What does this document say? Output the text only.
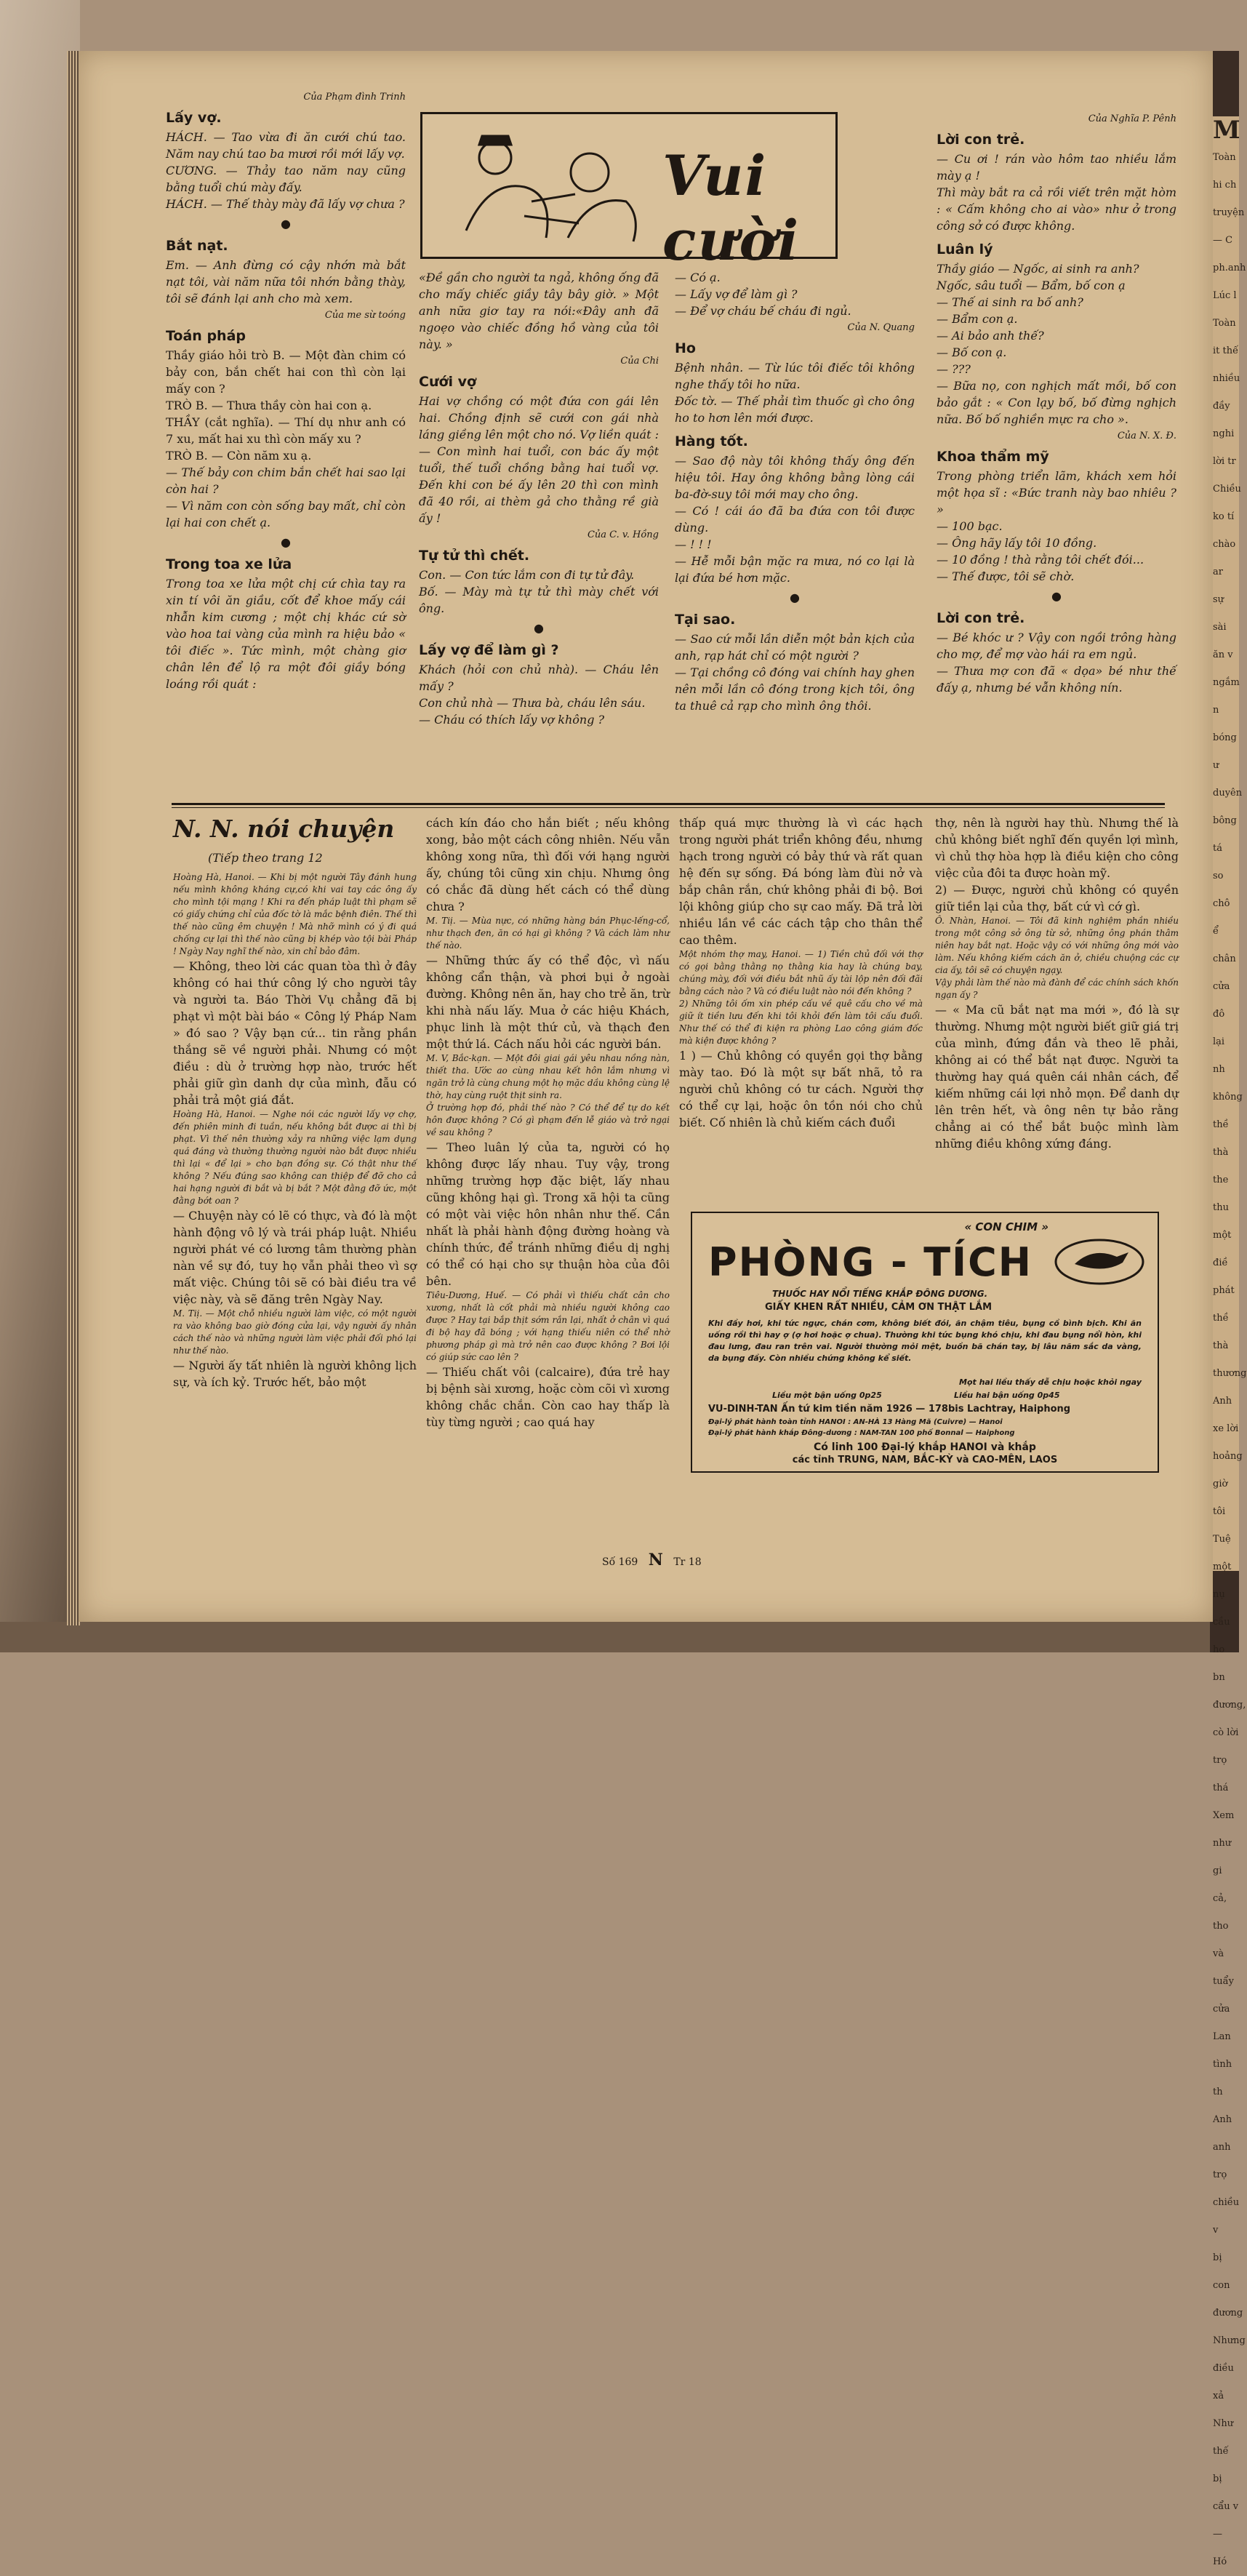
Của Phạm đình Trinh

Lấy vợ.

HÁCH. — Tao vừa đi ăn cưới chú tao. Năm nay chú tao ba mươi rồi mới lấy vợ.

CƯƠNG. — Thảy tao năm nay cũng bằng tuổi chú mày đấy.

HÁCH. — Thế thày mày đã lấy vợ chưa ?

●

Bắt nạt.

Em. — Anh đừng có cậy nhớn mà bắt nạt tôi, vài năm nữa tôi nhớn bằng thày, tôi sẽ đánh lại anh cho mà xem.

Của me sừ toóng

Toán pháp

Thầy giáo hỏi trò B. — Một đàn chim có bảy con, bắn chết hai con thì còn lại mấy con ?

TRÒ B. — Thưa thầy còn hai con ạ.

THẦY (cắt nghĩa). — Thí dụ như anh có 7 xu, mất hai xu thì còn mấy xu ?

TRÒ B. — Còn năm xu ạ.

— Thế bảy con chim bắn chết hai sao lại còn hai ?

— Vì năm con còn sống bay mất, chỉ còn lại hai con chết ạ.

●

Trong toa xe lửa

Trong toa xe lửa một chị cứ chìa tay ra xin tí vôi ăn giầu, cốt để khoe mấy cái nhẫn kim cương ; một chị khác cứ sờ vào hoa tai vàng của mình ra hiệu bảo « tôi điếc ». Tức mình, một chàng giơ chân lên để lộ ra một đôi giầy bóng loáng rồi quát :

Vui cười

«Đề gần cho người ta ngả, không ống đã cho mấy chiếc giầy tây bây giờ. » Một anh nữa giơ tay ra nói:«Đây anh đã ngoẹo vào chiếc đồng hồ vàng của tôi này. »

Của Chi

Cưới vợ

Hai vợ chồng có một đứa con gái lên hai. Chồng định sẽ cưới con gái nhà láng giềng lên một cho nó. Vợ liền quát :

— Con mình hai tuổi, con bác ấy một tuổi, thế tuổi chồng bằng hai tuổi vợ. Đến khi con bé ấy lên 20 thì con mình đã 40 rồi, ai thèm gả cho thằng rề già ấy !

Của C. v. Hồng

Tự tử thì chết.

Con. — Con tức lắm con đi tự tử đây.

Bố. — Mày mà tự tử thì mày chết với ông.

●

Lấy vợ để làm gì ?

Khách (hỏi con chủ nhà). — Cháu lên mấy ?

Con chủ nhà — Thưa bà, cháu lên sáu.

— Cháu có thích lấy vợ không ?

— Có ạ.

— Lấy vợ để làm gì ?

— Để vợ cháu bế cháu đi ngủ.

Của N. Quang

Ho

Bệnh nhân. — Từ lúc tôi điếc tôi không nghe thấy tôi ho nữa.

Đốc tờ. — Thế phải tìm thuốc gì cho ông ho to hơn lên mới được.

Hàng tốt.

— Sao độ này tôi không thấy ông đến hiệu tôi. Hay ông không bằng lòng cái ba-đờ-suy tôi mới may cho ông.

— Có ! cái áo đã ba đứa con tôi được dùng.

— ! ! !

— Hễ mỗi bận mặc ra mưa, nó co lại là lại đứa bé hơn mặc.

●

Tại sao.

— Sao cứ mỗi lần diễn một bản kịch của anh, rạp hát chỉ có một người ?

— Tại chồng cô đóng vai chính hay ghen nên mỗi lần cô đóng trong kịch tôi, ông ta thuê cả rạp cho mình ông thôi.

Của Nghĩa P. Pênh

Lời con trẻ.

— Cu ơi ! rán vào hôm tao nhiều lắm mày ạ !

Thì mày bắt ra cả rồi viết trên mặt hòm : « Cấm không cho ai vào» như ở trong công sở có được không.

Luân lý

Thầy giáo — Ngốc, ai sinh ra anh?

Ngốc, sâu tuổi — Bẩm, bố con ạ

— Thế ai sinh ra bố anh?

— Bẩm con ạ.

— Ai bảo anh thế?

— Bố con ạ.

— ???

— Bữa nọ, con nghịch mất mồi, bố con bảo gắt : « Con lạy bố, bố đừng nghịch nữa. Bố bố nghiền mực ra cho ».

Của N. X. Đ.

Khoa thẩm mỹ

Trong phòng triển lãm, khách xem hỏi một họa sĩ : «Bức tranh này bao nhiêu ? »

— 100 bạc.

— Ông hãy lấy tôi 10 đồng.

— 10 đồng ! thà rằng tôi chết đói...

— Thế được, tôi sẽ chờ.

●

Lời con trẻ.

— Bé khóc ư ? Vậy con ngồi trông hàng cho mợ, để mợ vào hái ra em ngủ.

— Thưa mợ con đã « dọa» bé như thế đấy ạ, nhưng bé vẫn không nín.

N. N. nói chuyện
(Tiếp theo trang 12

Hoàng Hà, Hanoi. — Khi bị một người Tây đánh hung nếu mình không kháng cự,có khi vai tay các ông ấy cho mình tội mạng ! Khi ra đến pháp luật thì phạm sẽ có giấy chứng chỉ của đốc tờ là mắc bệnh điên. Thế thì thế nào cũng êm chuyện ! Mà nhỡ mình có ý đi quá chống cự lại thì thế nào cũng bị khép vào tội bài Pháp ! Ngày Nay nghĩ thế nào, xin chỉ bảo đâm.

— Không, theo lời các quan tòa thì ở đây không có hai thứ công lý cho người tây và người ta. Báo Thời Vụ chẳng đã bị phạt vì một bài báo « Công lý Pháp Nam » đó sao ? Vậy bạn cứ... tin rằng phần thắng sẽ về người phải. Nhưng có một điều : dù ở trường hợp nào, trước hết phải giữ gìn danh dự của mình, đẫu có phải trả một giá đắt.

Hoàng Hà, Hanoi. — Nghe nói các người lấy vợ chợ, đến phiên minh đi tuần, nếu không bắt được ai thì bị phạt. Vì thế nên thường xảy ra những việc lạm dụng quá đáng và thường thường người nào bắt được nhiều thì lại « để lại » cho bạn đồng sự. Có thật như thế không ? Nếu đúng sao không can thiệp để đỡ cho cả hai hạng người đi bắt và bị bắt ? Một đằng đỡ ức, một đằng bớt oan ?

— Chuyện này có lẽ có thực, và đó là một hành động vô lý và trái pháp luật. Nhiều người phát vé có lương tâm thường phàn nàn về sự đó, tuy họ vẫn phải theo vì sợ mất việc. Chúng tôi sẽ có bài điều tra về việc này, và sẽ đăng trên Ngày Nay.

M. Tiị. — Một chỗ nhiều người làm việc, có một người ra vào không bao giờ đóng cửa lại, vậy người ấy nhân cách thế nào và những người làm việc phải đối phó lại như thế nào.

— Người ấy tất nhiên là người không lịch sự, và ích kỷ. Trước hết, bảo một

cách kín đáo cho hắn biết ; nếu không xong, bảo một cách công nhiên. Nếu vẫn không xong nữa, thì đối với hạng người ấy, chúng tôi cũng xin chịu. Nhưng ông có chắc đã dùng hết cách có thể dùng chưa ?

M. Tiị. — Mùa nực, có những hàng bán Phục-lếng-cổ, như thạch đen, ăn có hại gì không ? Và cách làm như thế nào.

— Những thức ấy có thể độc, vì nấu không cẩn thận, và phơi bụi ở ngoài đường. Không nên ăn, hay cho trẻ ăn, trừ khi nhà nấu lấy. Mua ở các hiệu Khách, phục linh là một thứ củ, và thạch đen một thứ lá. Cách nấu hỏi các người bán.

M. V, Bắc-kạn. — Một đôi giai gái yêu nhau nồng nàn, thiết tha. Ước ao cùng nhau kết hôn lắm nhưng vì ngăn trở là cùng chung một họ mặc dầu không cùng lệ thờ, hay cùng ruột thịt sinh ra.

Ở trường hợp đó, phải thế nào ? Có thể để tự do kết hôn được không ? Có gì phạm đến lễ giáo và trở ngại về sau không ?

— Theo luân lý của ta, người có họ không được lấy nhau. Tuy vậy, trong những trường hợp đặc biệt, lấy nhau cũng không hại gì. Trong xã hội ta cũng có một vài việc hôn nhân như thế. Cần nhất là phải hành động đường hoàng và chính thức, để tránh những điều dị nghị có thể có hại cho sự thuận hòa của đôi bên.

Tiêu-Dương, Huế. — Có phải vì thiếu chất cân cho xương, nhất là cốt phải mà nhiều người không cao được ? Hay tại bắp thịt sớm rắn lại, nhất ở chân vì quá đi bộ hay đã bóng ; với hạng thiếu niên có thể nhờ phương pháp gì mà trở nên cao được không ? Bơi lội có giúp sức cao lên ?

— Thiếu chất vôi (calcaire), đứa trẻ hay bị bệnh sài xương, hoặc còm cõi vì xương không chắc chắn. Còn cao hay thấp là tùy từng người ; cao quá hay

thấp quá mực thường là vì các hạch trong người phát triển không đều, nhưng hạch trong người có bảy thứ và rất quan hệ đến sự sống. Đá bóng làm đùi nở và bắp chân rắn, chứ không phải đi bộ. Bơi lội không giúp cho sự cao mấy. Đã trả lời nhiều lần về các cách tập cho thân thể cao thêm.

Một nhóm thợ may, Hanoi. — 1) Tiền chủ đối với thợ có gọi bằng thằng nọ thằng kia hay là chúng bay, chúng mày, đối với điều bắt nhũ ấy tài lộp nên đối đãi bằng cách nào ? Và có điều luật nào nói đến không ?

2) Những tôi ốm xin phép cấu về quê cấu cho về mà giữ ít tiền lưu đến khi tôi khỏi đến làm tôi cấu đuổi. Như thế có thể đi kiện ra phòng Lao công giám đốc mà kiện được không ?

1 ) — Chủ không có quyền gọi thợ bằng mày tao. Đó là một sự bất nhã, tỏ ra người chủ không có tư cách. Người thợ có thể cự lại, hoặc ôn tồn nói cho chủ biết. Cố nhiên là chủ kiếm cách đuổi

thợ, nên là người hay thù. Nhưng thế là chủ không biết nghĩ đến quyền lợi mình, vì chủ thợ hòa hợp là điều kiện cho công việc của đôi ta được hoàn mỹ.

2) — Được, người chủ không có quyền giữ tiền lại của thợ, bất cứ vì cớ gì.

Ô. Nhàn, Hanoi. — Tôi đã kinh nghiệm phần nhiều trong một công sở ông từ sở, những ông phán thâm niên hay bắt nạt. Hoặc vậy có với những ông mới vào làm. Nếu không kiếm cách ăn ở, chiều chuộng các cự cia ấy, tôi sẽ có chuyện ngạy.

Vậy phải làm thế nào mà đành để các chính sách khốn ngạn ấy ?

— « Ma cũ bắt nạt ma mới », đó là sự thường. Nhưng một người biết giữ giá trị của mình, đứng đắn và theo lẽ phải, không ai có thể bắt nạt được. Người ta thường hay quá quên cái nhân cách, để kiếm những cái lợi nhỏ mọn. Để danh dự lên trên hết, và ông nên tự bảo rằng chẳng ai có thể bắt buộc mình làm những điều không xứng đáng.

« CON CHIM »
PHÒNG - TÍCH
THUỐC HAY NỔI TIẾNG KHẮP ĐÔNG DƯƠNG.
GIẤY KHEN RẤT NHIỀU, CẢM ƠN THẬT LẮM
Khi đầy hơi, khi tức ngực, chán cơm, không biết đói, ăn chậm tiêu, bụng cồ bình bịch. Khi ăn uống rồi thì hay ợ (ợ hơi hoặc ợ chua). Thường khi tức bụng khó chịu, khi đau bụng nổi hòn, khi đau lưng, đau ran trên vai. Người thường mỏi mệt, buồn bã chán tay, bị lâu năm sắc da vàng, da bụng đầy. Còn nhiều chứng không kể siết.
Mọt hai liều thấy dễ chịu hoặc khỏi ngay
Liều một bận uống 0p25	Liều hai bận uống 0p45
VU-DINH-TAN Ấn tứ kim tiền năm 1926 — 178bis Lachtray, Haiphong
Đại-lý phát hành toàn tỉnh HANOI : AN-HÀ 13 Hàng Mã (Cuivre) — Hanoi
Đại-lý phát hành khắp Đông-dương : NAM-TAN 100 phố Bonnal — Haiphong
Có linh 100 Đại-lý khắp HANOI và khắp
các tỉnh TRUNG, NAM, BẮC-KỲ và CAO-MÊN, LAOS
Số 169 N Tr 18
M
Toàn
hi ch
truyện
— C
ph.anh
Lúc l
Toàn
it thế
nhiều đầy
nghi
lời tr
Chiều
ko tí
chào ar
sự sài
ăn v
ngắm n
bóng ư
duyên
bông tá
so chô
ể chân
cửa đô
lại nh
không
thề thà
the thu
một điề
phát
thề thà
thương
Anh
xe lời
hoảng
giờ tôi
Tuệ
một nụ
cầu ho
bn
đương,
cò lời
trọ thá
Xem
như gi
cả, tho
và tuẩy
cửa Lan
tình th
Anh
anh trọ
chiều v
bị con
đương
Nhưng
điều xả
Như thế
bị cẩu v
— Hó
